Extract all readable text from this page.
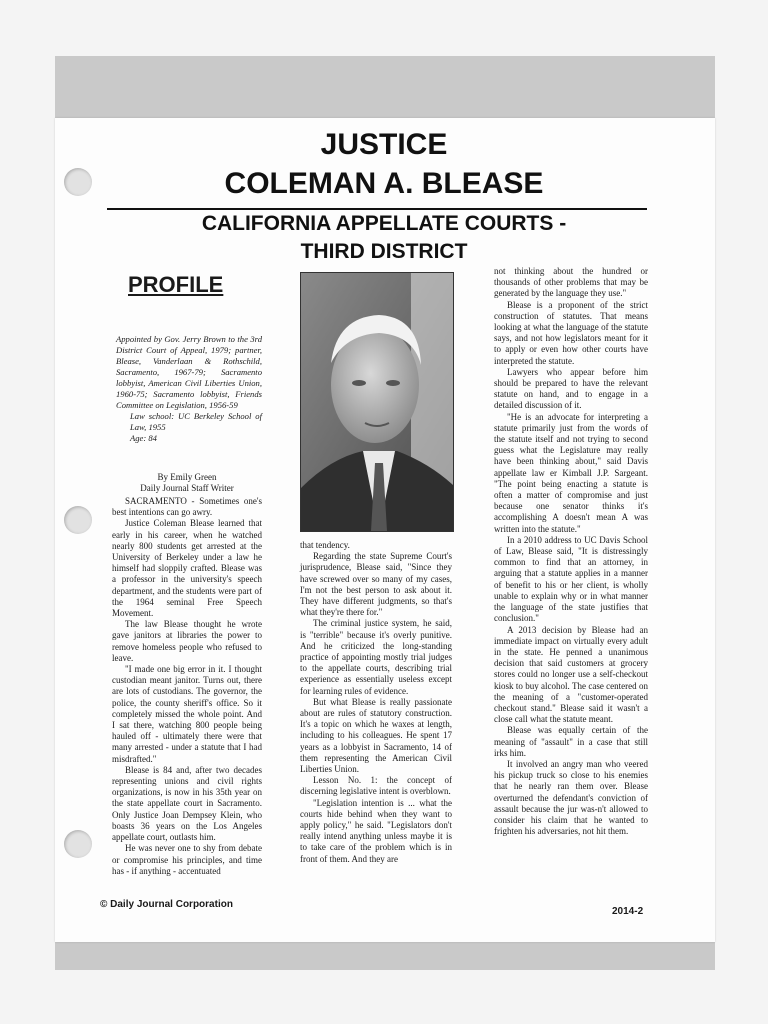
JUSTICE
COLEMAN A. BLEASE
CALIFORNIA APPELLATE COURTS -
THIRD DISTRICT
PROFILE

Appointed by Gov. Jerry Brown to the 3rd District Court of Appeal, 1979; partner, Blease, Vanderlaan & Rothschild, Sacramento, 1967-79; Sacramento lobbyist, American Civil Liberties Union, 1960-75; Sacramento lobbyist, Friends Committee on Legislation, 1956-59

Law school: UC Berkeley School of Law, 1955

Age: 84

By Emily Green
Daily Journal Staff Writer

SACRAMENTO - Sometimes one's best intentions can go awry.

Justice Coleman Blease learned that early in his career, when he watched nearly 800 students get arrested at the University of Berkeley under a law he himself had sloppily crafted. Blease was a professor in the university's speech department, and the students were part of the 1964 seminal Free Speech Movement.

The law Blease thought he wrote gave janitors at libraries the power to remove homeless people who refused to leave.

"I made one big error in it. I thought custodian meant janitor. Turns out, there are lots of custodians. The governor, the police, the county sheriff's office. So it completely missed the whole point. And I sat there, watching 800 people being hauled off - ultimately there were that many arrested - under a statute that I had misdrafted."

Blease is 84 and, after two decades representing unions and civil rights organizations, is now in his 35th year on the state appellate court in Sacramento. Only Justice Joan Dempsey Klein, who boasts 36 years on the Los Angeles appellate court, outlasts him.

He was never one to shy from debate or compromise his principles, and time has - if anything - accentuated

that tendency.

Regarding the state Supreme Court's jurisprudence, Blease said, "Since they have screwed over so many of my cases, I'm not the best person to ask about it. They have different judgments, so that's what they're there for."

The criminal justice system, he said, is "terrible" because it's overly punitive. And he criticized the long-standing practice of appointing mostly trial judges to the appellate courts, describing trial experience as essentially useless except for learning rules of evidence.

But what Blease is really passionate about are rules of statutory construction. It's a topic on which he waxes at length, including to his colleagues. He spent 17 years as a lobbyist in Sacramento, 14 of them representing the American Civil Liberties Union.

Lesson No. 1: the concept of discerning legislative intent is overblown.

"Legislation intention is ... what the courts hide behind when they want to apply policy," he said. "Legislators don't really intend anything unless maybe it is to take care of the problem which is in front of them. And they are

not thinking about the hundred or thousands of other problems that may be generated by the language they use."

Blease is a proponent of the strict construction of statutes. That means looking at what the language of the statute says, and not how legislators meant for it to apply or even how other courts have interpreted the statute.

Lawyers who appear before him should be prepared to have the relevant statute on hand, and to engage in a detailed discussion of it.

"He is an advocate for interpreting a statute primarily just from the words of the statute itself and not trying to second guess what the Legislature may really have been thinking about," said Davis appellate law er Kimball J.P. Sargeant. "The point being enacting a statute is often a matter of compromise and just because one senator thinks it's accomplishing A doesn't mean A was written into the statute."

In a 2010 address to UC Davis School of Law, Blease said, "It is distressingly common to find that an attorney, in arguing that a statute applies in a manner of benefit to his or her client, is wholly unable to explain why or in what manner the language of the state justifies that conclusion."

A 2013 decision by Blease had an immediate impact on virtually every adult in the state. He penned a unanimous decision that said customers at grocery stores could no longer use a self-checkout kiosk to buy alcohol. The case centered on the meaning of a "customer-operated checkout stand." Blease said it wasn't a close call what the statute meant.

Blease was equally certain of the meaning of "assault" in a case that still irks him.

It involved an angry man who veered his pickup truck so close to his enemies that he nearly ran them over. Blease overturned the defendant's conviction of assault because the jur was-n't allowed to consider his claim that he wanted to frighten his adversaries, not hit them.

© Daily Journal Corporation
2014-2
